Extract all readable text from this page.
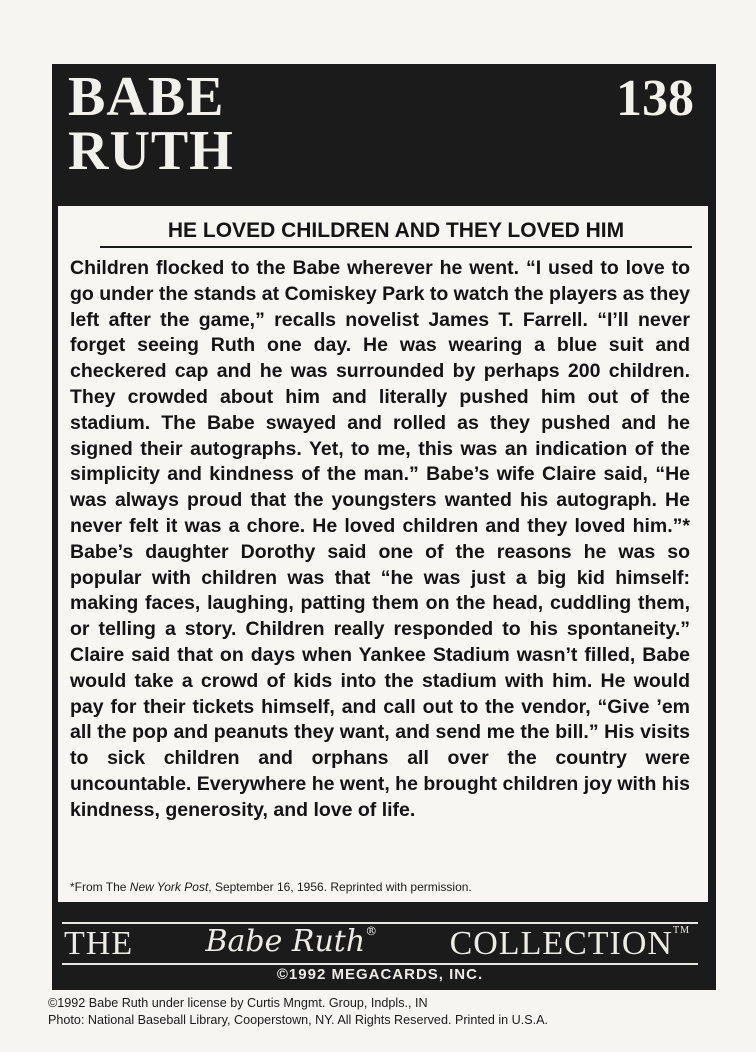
BABE
RUTH
138
HE LOVED CHILDREN AND THEY LOVED HIM
Children flocked to the Babe wherever he went. “I used to love to go under the stands at Comiskey Park to watch the players as they left after the game,” recalls novelist James T. Farrell. “I’ll never forget seeing Ruth one day. He was wearing a blue suit and checkered cap and he was surrounded by perhaps 200 children. They crowded about him and literally pushed him out of the stadium. The Babe swayed and rolled as they pushed and he signed their autographs. Yet, to me, this was an indication of the simplicity and kindness of the man.” Babe’s wife Claire said, “He was always proud that the youngsters wanted his autograph. He never felt it was a chore. He loved children and they loved him.”* Babe’s daughter Dorothy said one of the reasons he was so popular with children was that “he was just a big kid himself: making faces, laughing, patting them on the head, cuddling them, or telling a story. Children really responded to his spontaneity.” Claire said that on days when Yankee Stadium wasn’t filled, Babe would take a crowd of kids into the stadium with him. He would pay for their tickets himself, and call out to the vendor, “Give ’em all the pop and peanuts they want, and send me the bill.” His visits to sick children and orphans all over the country were uncountable. Everywhere he went, he brought children joy with his kindness, generosity, and love of life.
*From The New York Post, September 16, 1956. Reprinted with permission.
THE Babe Ruth® COLLECTION™
©1992 MEGACARDS, INC.
©1992 Babe Ruth under license by Curtis Mngmt. Group, Indpls., IN
Photo: National Baseball Library, Cooperstown, NY. All Rights Reserved. Printed in U.S.A.
